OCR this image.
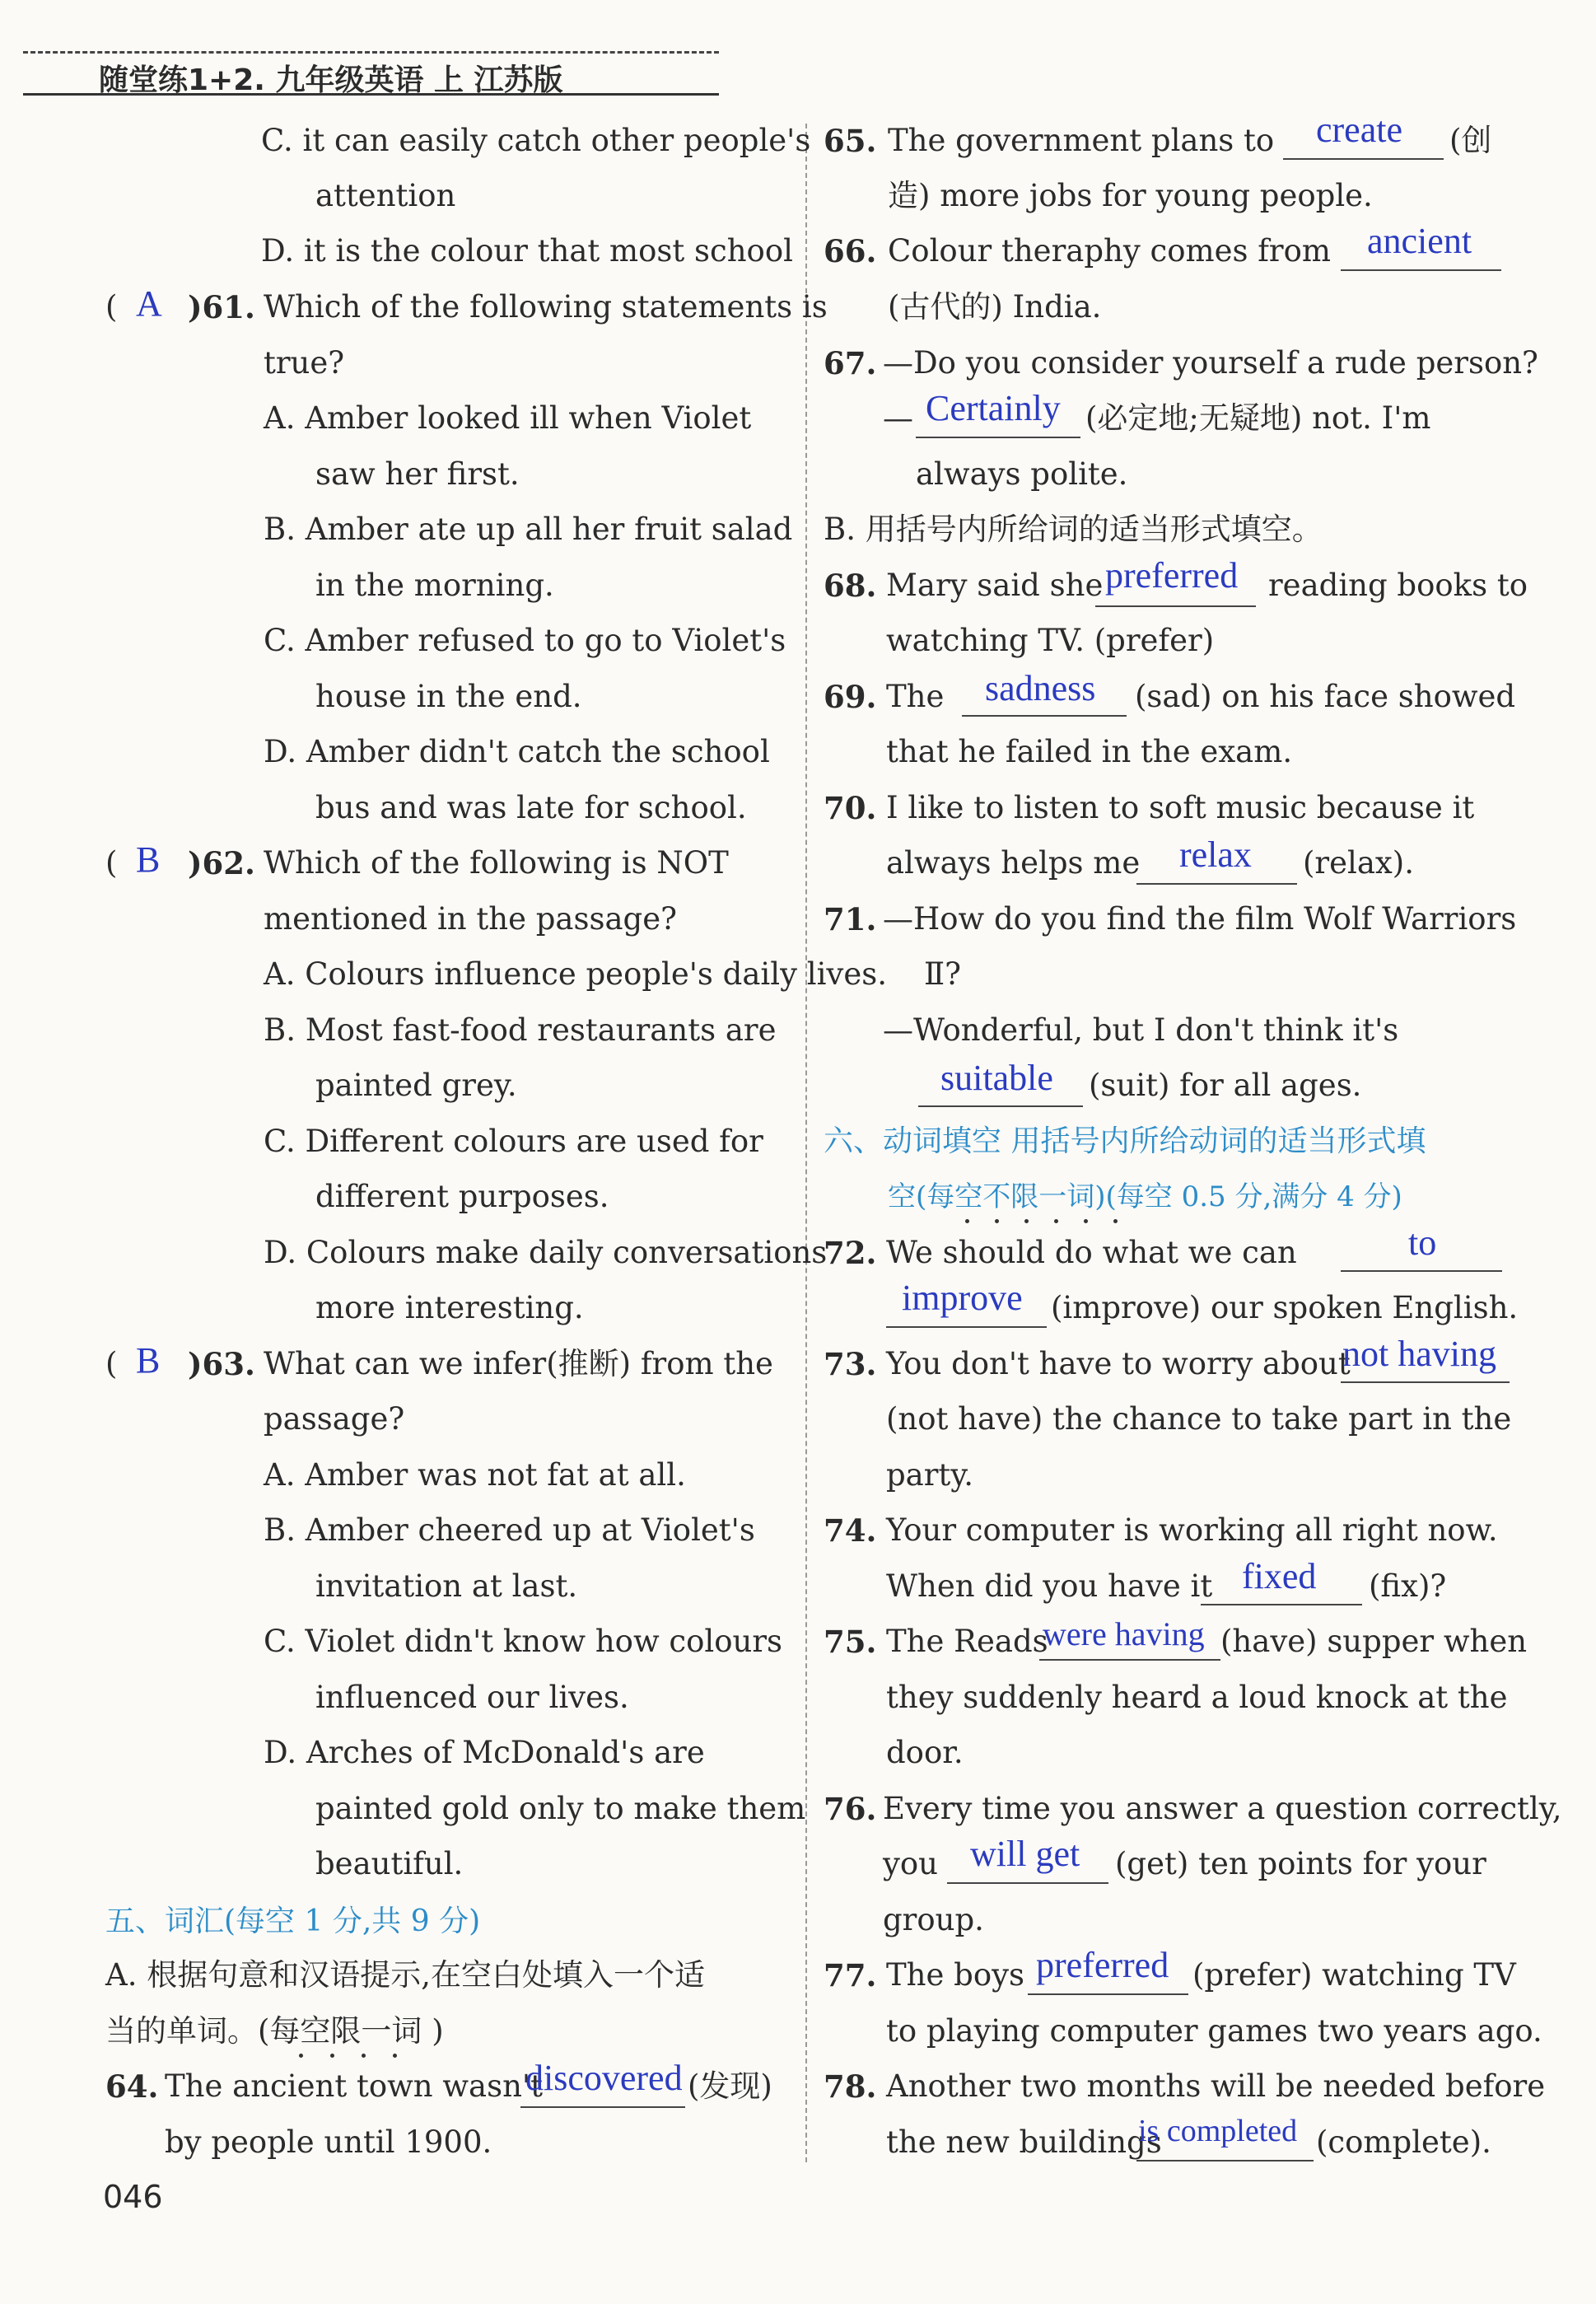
随堂练1+2. 九年级英语 上 江苏版
C. it can easily catch other people's
attention
D. it is the colour that most school
( A )61. Which of the following statements is
true?
A. Amber looked ill when Violet
saw her first.
B. Amber ate up all her fruit salad
in the morning.
C. Amber refused to go to Violet's
house in the end.
D. Amber didn't catch the school
bus and was late for school.
( B )62. Which of the following is NOT
mentioned in the passage?
A. Colours influence people's daily lives.
B. Most fast-food restaurants are
painted grey.
C. Different colours are used for
different purposes.
D. Colours make daily conversations
more interesting.
( B )63. What can we infer(推断) from the
passage?
A. Amber was not fat at all.
B. Amber cheered up at Violet's
invitation at last.
C. Violet didn't know how colours
influenced our lives.
D. Arches of McDonald's are
painted gold only to make them
beautiful.
五、词汇(每空 1 分,共 9 分)
A. 根据句意和汉语提示,在空白处填入一个适
当的单词。(每空限一词 )
64. The ancient town wasn't
discovered (发现)
by people until 1900.
046
65. The government plans to create (创
造) more jobs for young people.
66. Colour theraphy comes from ancient
(古代的) India.
67. —Do you consider yourself a rude person?
— Certainly (必定地;无疑地) not. I'm
always polite.
B. 用括号内所给词的适当形式填空。
68. Mary said she preferred reading books to
watching TV. (prefer)
69. The sadness (sad) on his face showed
that he failed in the exam.
70. I like to listen to soft music because it
always helps me relax (relax).
71. —How do you find the film Wolf Warriors
Ⅱ?
—Wonderful, but I don't think it's
suitable (suit) for all ages.
六、动词填空 用括号内所给动词的适当形式填
空(每空不限一词)(每空 0.5 分,满分 4 分)
72. We should do what we can	to
improve (improve) our spoken English.
73. You don't have to worry about
not having
(not have) the chance to take part in the
party.
74. Your computer is working all right now.
When did you have it fixed (fix)?
75. The Reads
were having (have) supper when
they suddenly heard a loud knock at the
door.
76. Every time you answer a question correctly,
you will get (get) ten points for your
group.
77. The boys preferred (prefer) watching TV
to playing computer games two years ago.
78. Another two months will be needed before
the new buildings
is completed (complete).
